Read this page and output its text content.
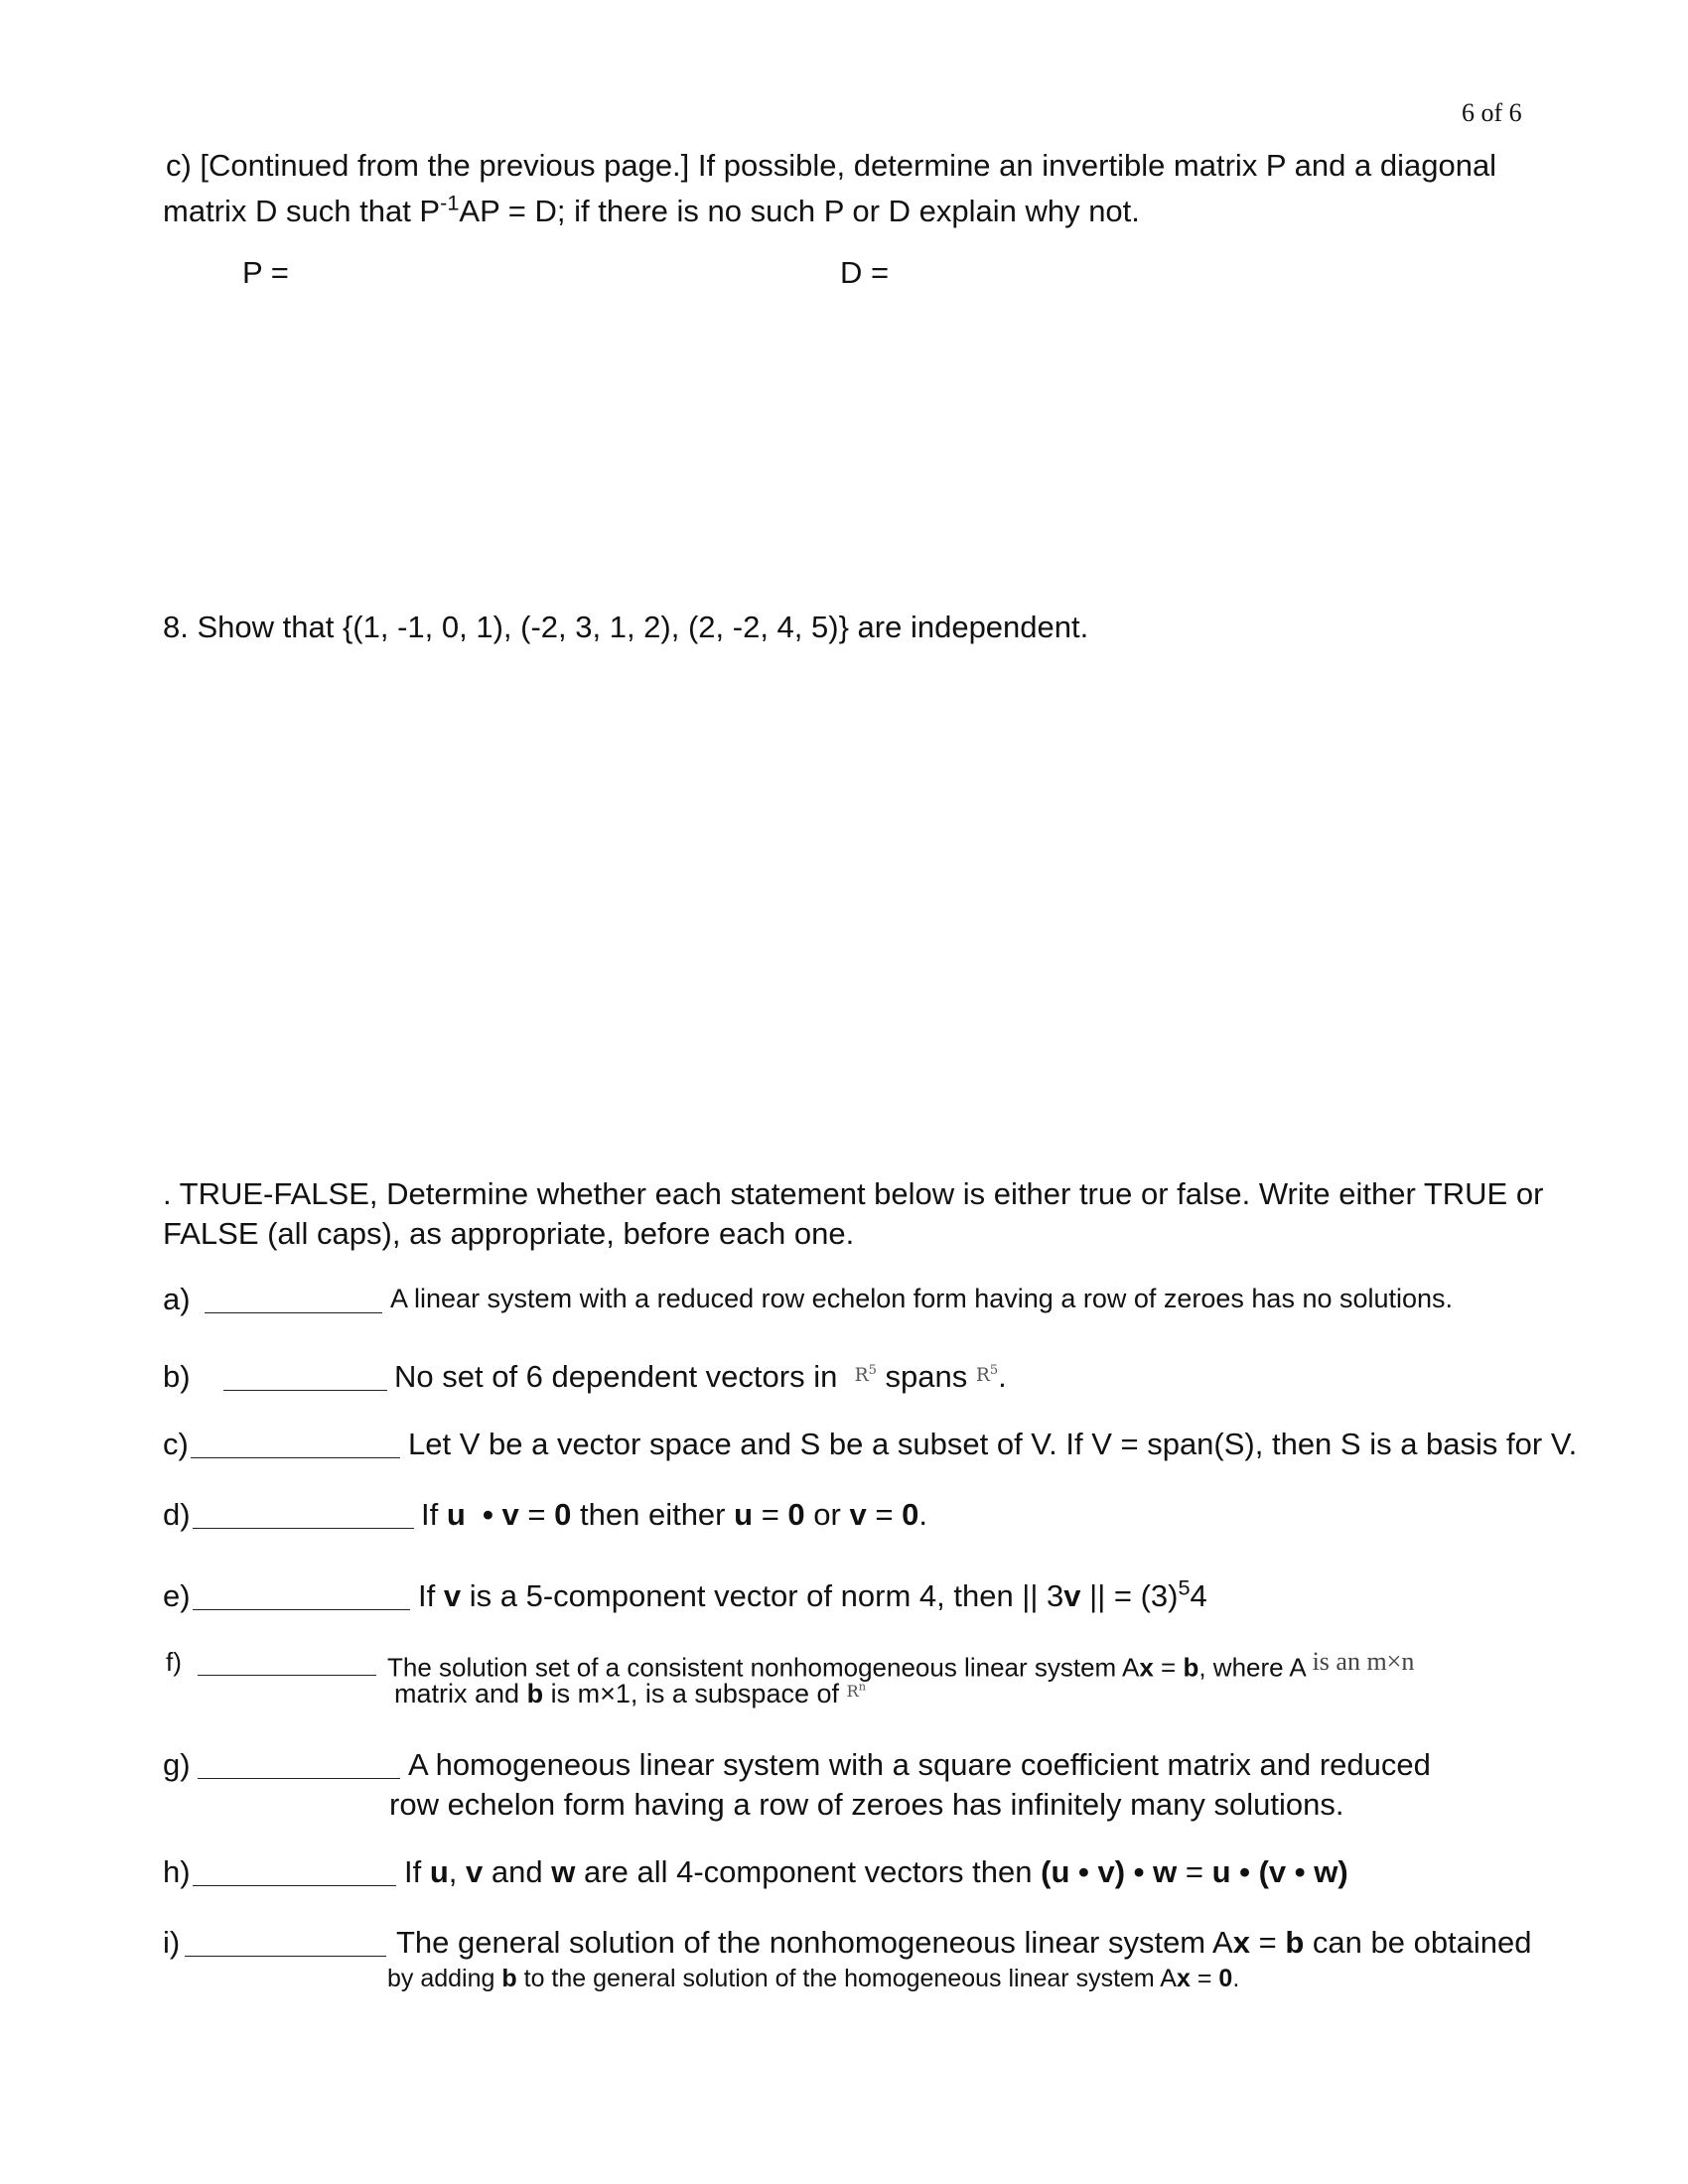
6 of 6
c) [Continued from the previous page.] If possible, determine an invertible matrix P and a diagonal
matrix D such that $P^{-1}AP = D$; if there is no such P or D explain why not.
P =	D =
8. Show that {(1, -1, 0, 1), (-2, 3, 1, 2), (2, -2, 4, 5)} are independent.
. TRUE-FALSE, Determine whether each statement below is either true or false. Write either TRUE or
FALSE (all caps), as appropriate, before each one.
a)	A linear system with a reduced row echelon form having a row of zeroes has no solutions.
b)	No set of 6 dependent vectors in $^{R^5}$ spans $^{R^5}$.
c)	Let V be a vector space and S be a subset of V. If V = span(S), then S is a basis for V.
d)	If u • v = 0 then either u = 0 or v = 0.
e)	If v is a 5-component vector of norm 4, then || 3v || = $(3)^54$
f)	The solution set of a consistent nonhomogeneous linear system Ax = b, where A is an m×n
matrix and b is m×1, is a subspace of $^{R^n}$
g)	A homogeneous linear system with a square coefficient matrix and reduced
row echelon form having a row of zeroes has infinitely many solutions.
h)	If u, v and w are all 4-component vectors then (u • v) • w = u • (v • w)
i)	The general solution of the nonhomogeneous linear system Ax = b can be obtained
by adding b to the general solution of the homogeneous linear system Ax = 0.
